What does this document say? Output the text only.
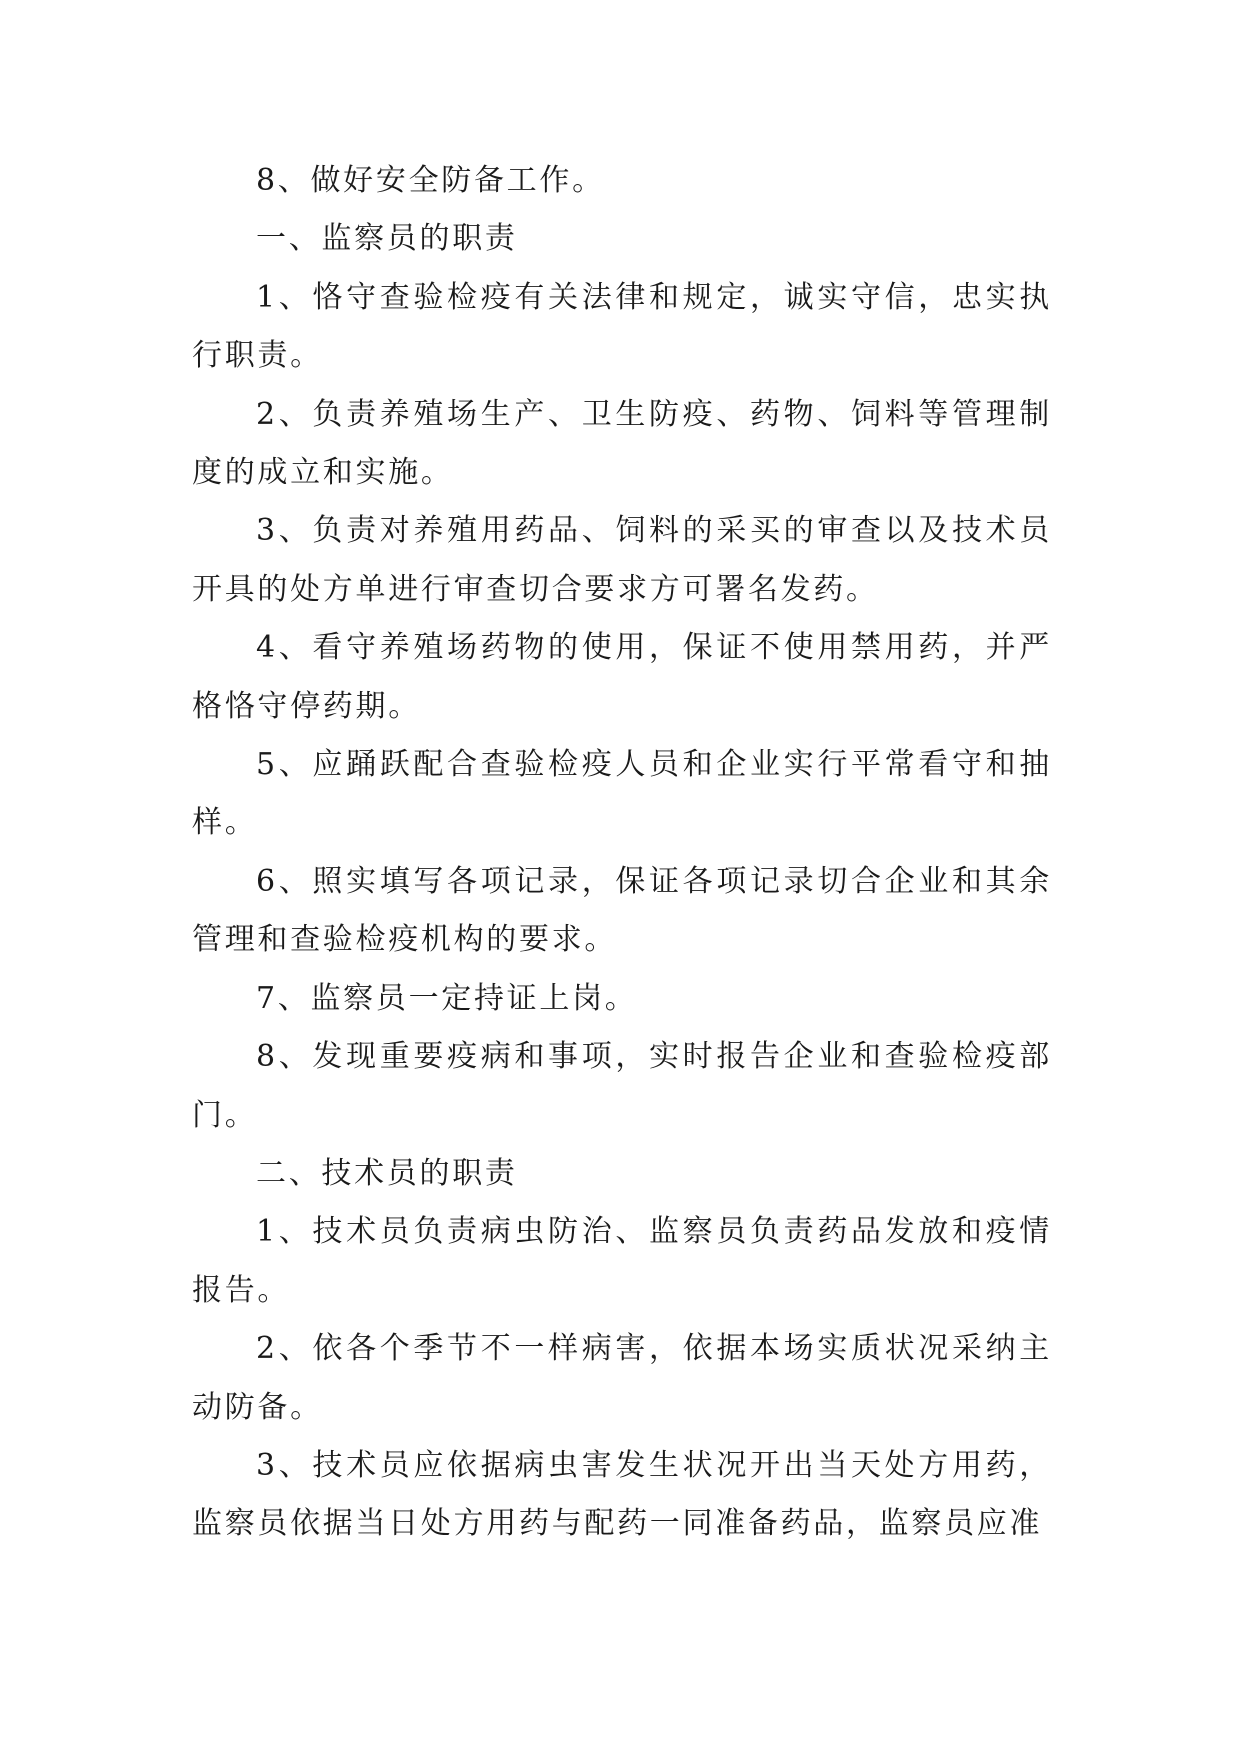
8、做好安全防备工作。

一、监察员的职责

1、恪守查验检疫有关法律和规定，诚实守信，忠实执行职责。

2、负责养殖场生产、卫生防疫、药物、饲料等管理制度的成立和实施。

3、负责对养殖用药品、饲料的采买的审查以及技术员开具的处方单进行审查切合要求方可署名发药。

4、看守养殖场药物的使用，保证不使用禁用药，并严格恪守停药期。

5、应踊跃配合查验检疫人员和企业实行平常看守和抽样。

6、照实填写各项记录，保证各项记录切合企业和其余管理和查验检疫机构的要求。

7、监察员一定持证上岗。

8、发现重要疫病和事项，实时报告企业和查验检疫部门。

二、技术员的职责

1、技术员负责病虫防治、监察员负责药品发放和疫情报告。

2、依各个季节不一样病害，依据本场实质状况采纳主动防备。

3、技术员应依据病虫害发生状况开出当天处方用药，监察员依据当日处方用药与配药一同准备药品，监察员应准
